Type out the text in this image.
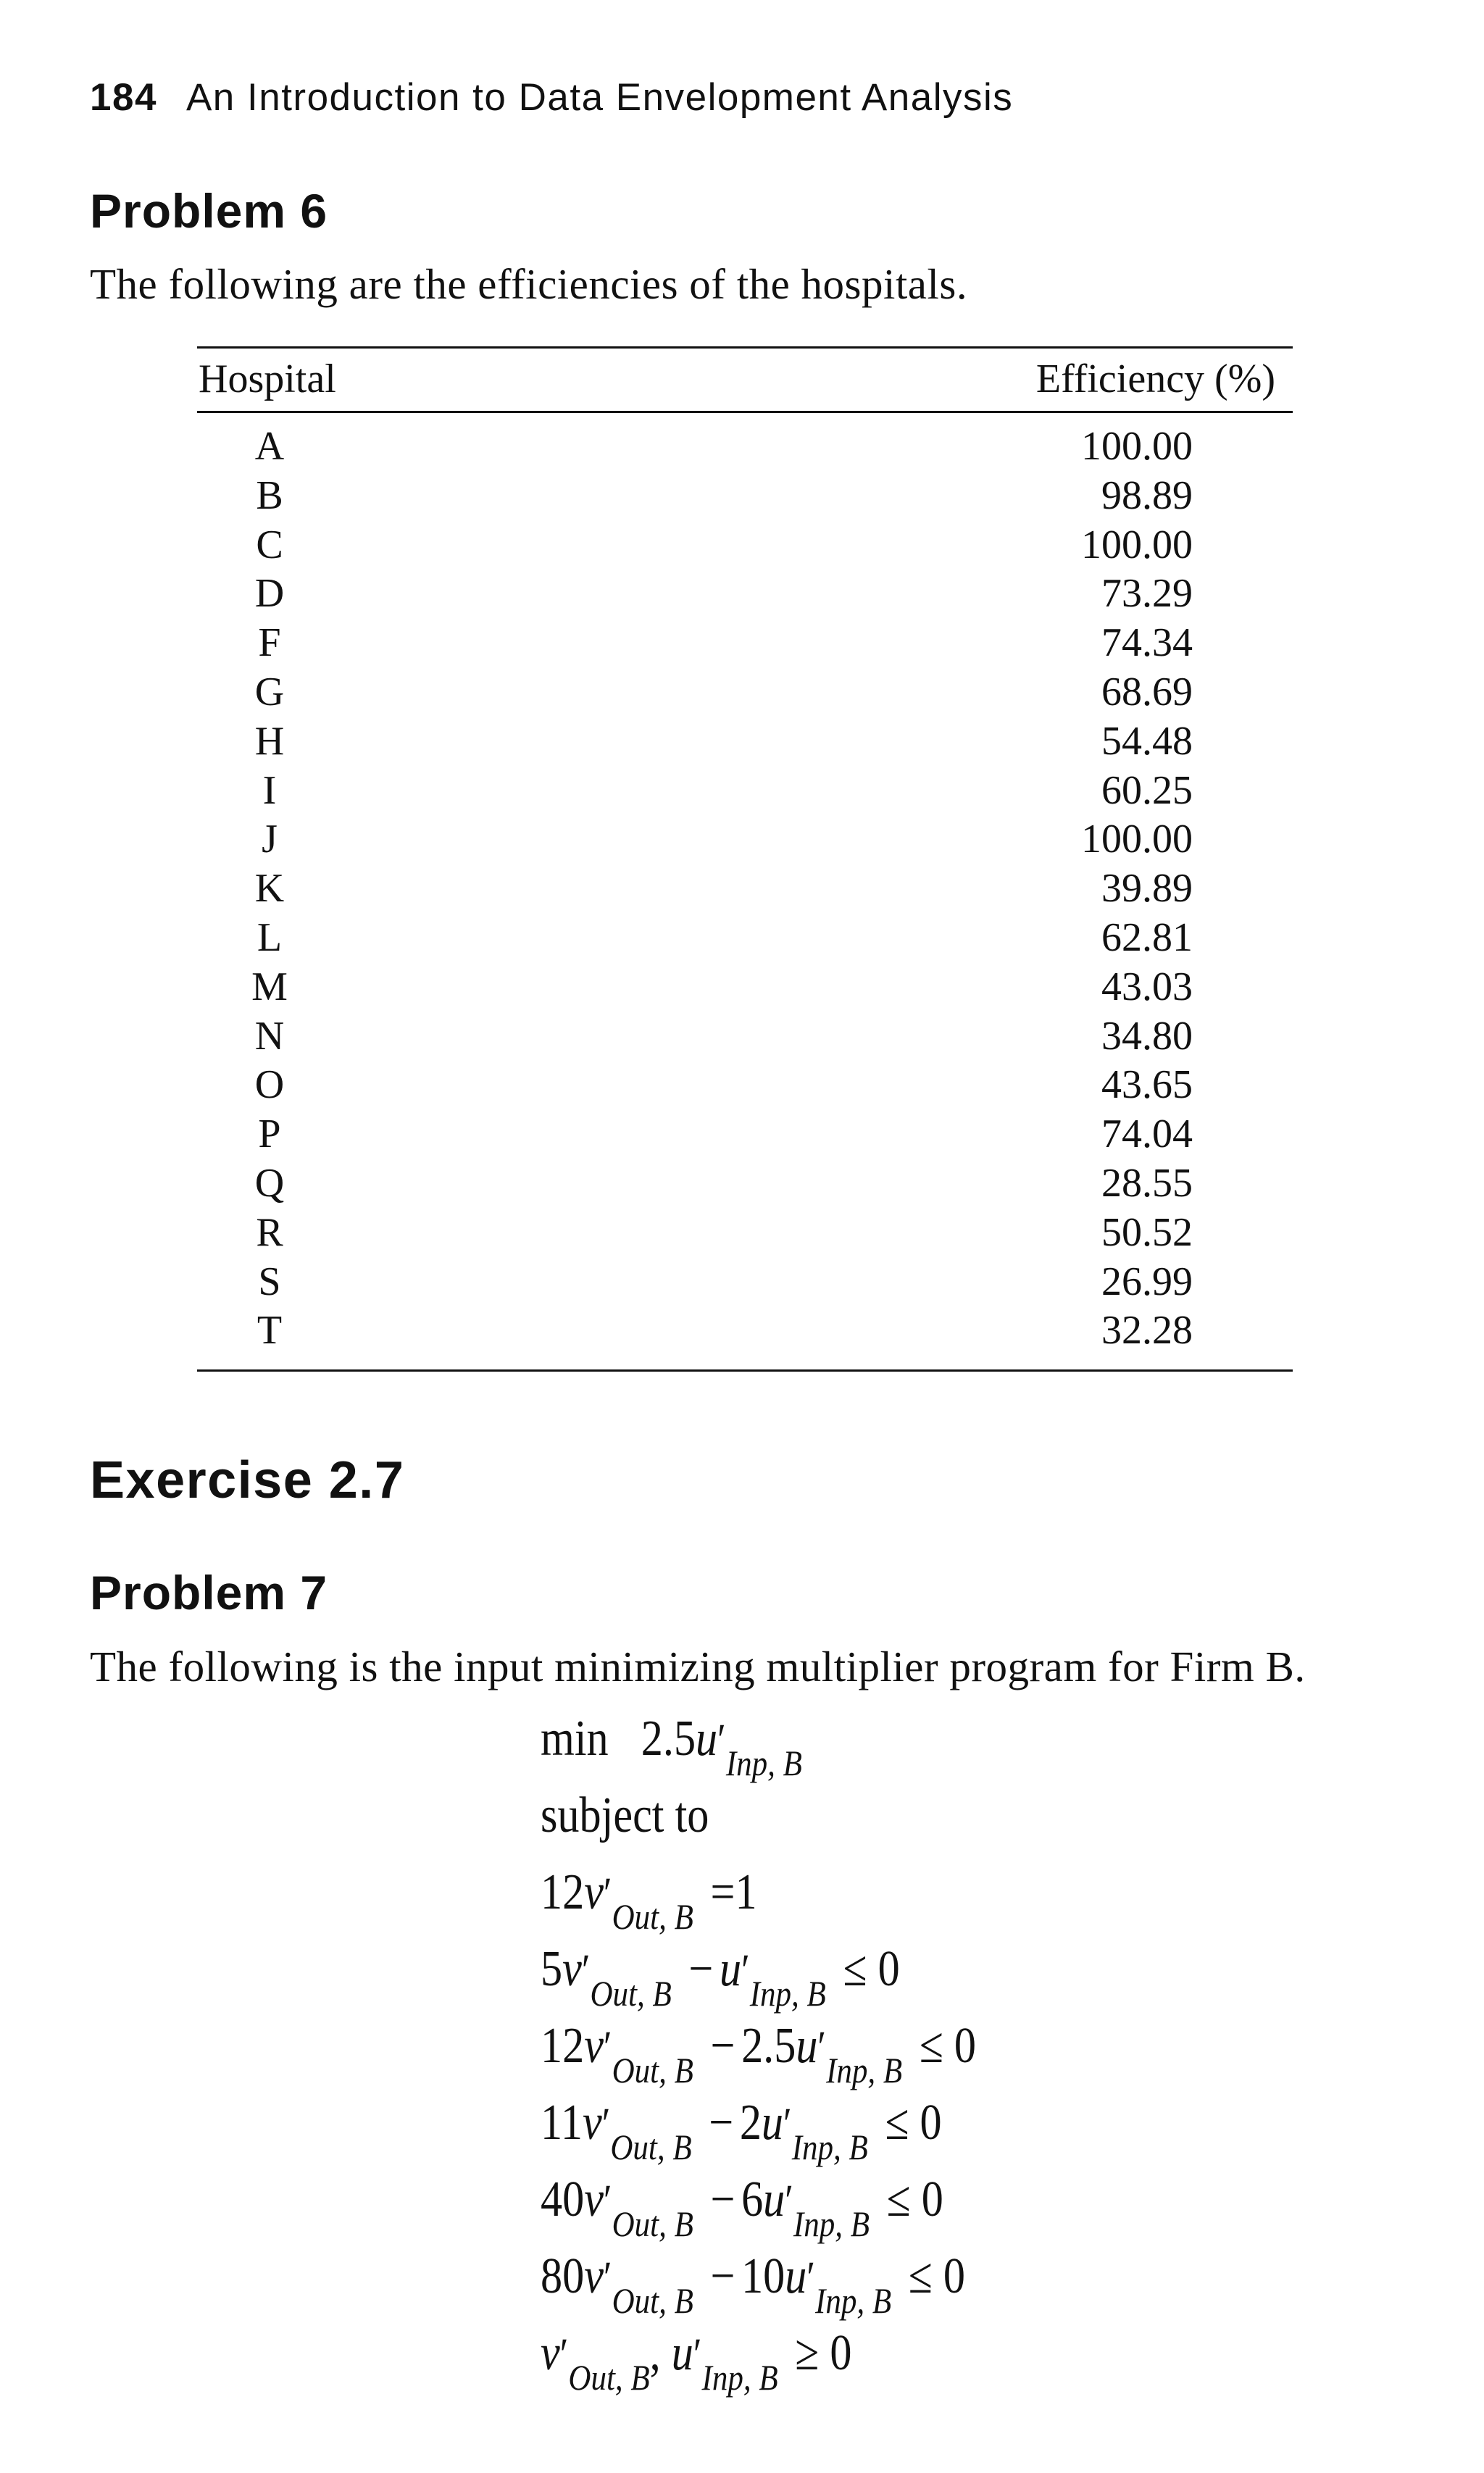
184 An Introduction to Data Envelopment Analysis
Problem 6
The following are the efficiencies of the hospitals.
Hospital	Efficiency (%)
A	100.00
B	98.89
C	100.00
D	73.29
F	74.34
G	68.69
H	54.48
I	60.25
J	100.00
K	39.89
L	62.81
M	43.03
N	34.80
O	43.65
P	74.04
Q	28.55
R	50.52
S	26.99
T	32.28
Exercise 2.7
Problem 7
The following is the input minimizing multiplier program for Firm B.
$\min 2.5u'_{Inp, B}$
subject to
$12v'_{Out, B} =1$
$5v'_{Out, B} - u'_{Inp, B} \le 0$
$12v'_{Out, B} - 2.5u'_{Inp, B} \le 0$
$11v'_{Out, B} - 2u'_{Inp, B} \le 0$
$40v'_{Out, B} - 6u'_{Inp, B} \le 0$
$80v'_{Out, B} - 10u'_{Inp, B} \le 0$
$v'_{Out, B}$, $u'_{Inp, B} \ge 0$
